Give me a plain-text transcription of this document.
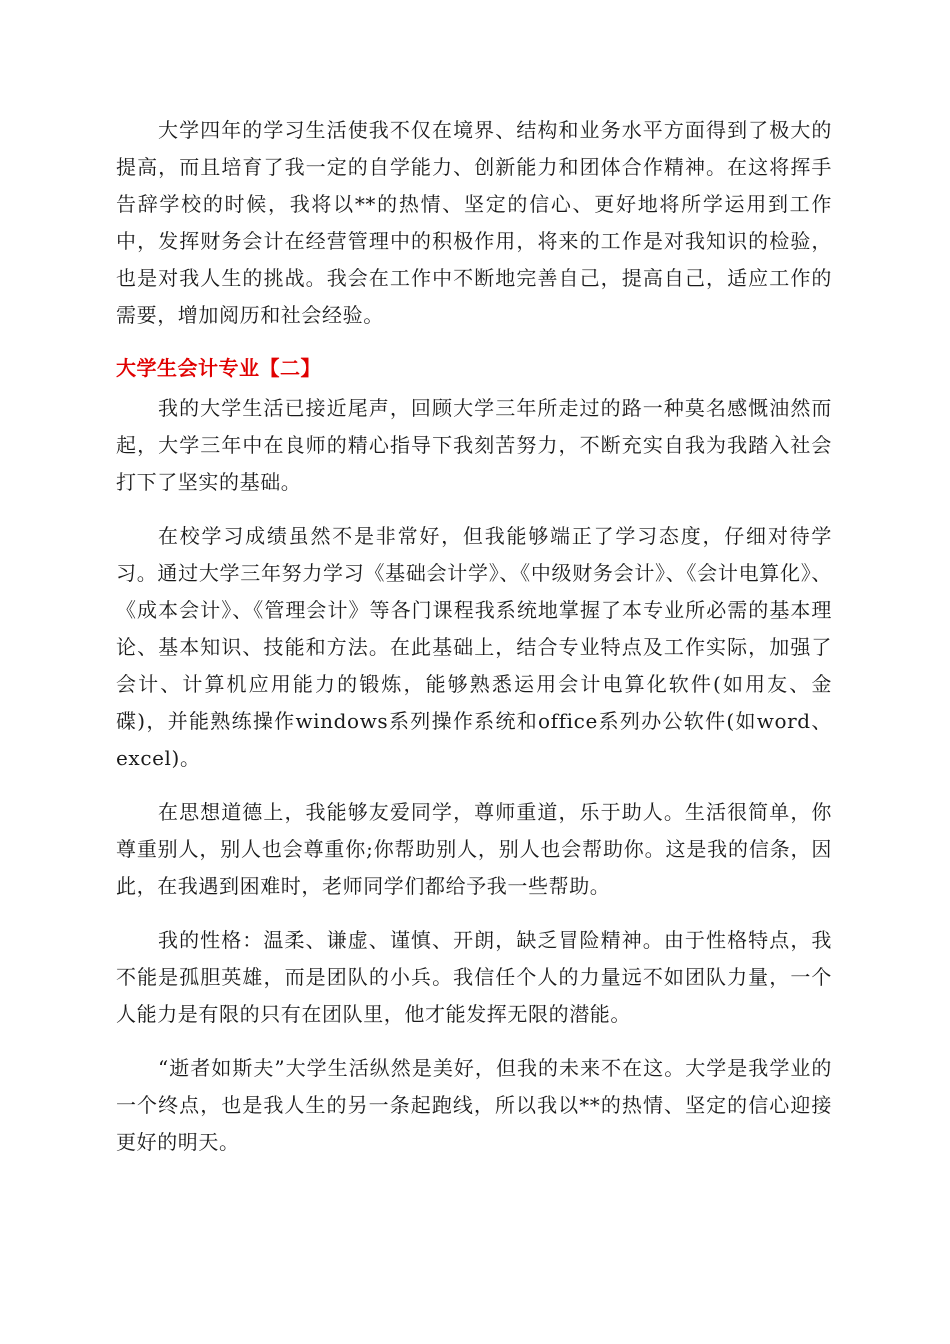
大学四年的学习生活使我不仅在境界、结构和业务水平方面得到了极大的提高，而且培育了我一定的自学能力、创新能力和团体合作精神。在这将挥手告辞学校的时候，我将以**的热情、坚定的信心、更好地将所学运用到工作中，发挥财务会计在经营管理中的积极作用，将来的工作是对我知识的检验，也是对我人生的挑战。我会在工作中不断地完善自己，提高自己，适应工作的需要，增加阅历和社会经验。

大学生会计专业【二】

我的大学生活已接近尾声，回顾大学三年所走过的路一种莫名感慨油然而起，大学三年中在良师的精心指导下我刻苦努力，不断充实自我为我踏入社会打下了坚实的基础。

在校学习成绩虽然不是非常好，但我能够端正了学习态度，仔细对待学习。通过大学三年努力学习《基础会计学》、《中级财务会计》、《会计电算化》、《成本会计》、《管理会计》等各门课程我系统地掌握了本专业所必需的基本理论、基本知识、技能和方法。在此基础上，结合专业特点及工作实际，加强了会计、计算机应用能力的锻炼，能够熟悉运用会计电算化软件(如用友、金碟)，并能熟练操作windows系列操作系统和office系列办公软件(如word、excel)。

在思想道德上，我能够友爱同学，尊师重道，乐于助人。生活很简单，你尊重别人，别人也会尊重你;你帮助别人，别人也会帮助你。这是我的信条，因此，在我遇到困难时，老师同学们都给予我一些帮助。

我的性格：温柔、谦虚、谨慎、开朗，缺乏冒险精神。由于性格特点，我不能是孤胆英雄，而是团队的小兵。我信任个人的力量远不如团队力量，一个人能力是有限的只有在团队里，他才能发挥无限的潜能。

“逝者如斯夫”大学生活纵然是美好，但我的未来不在这。大学是我学业的一个终点，也是我人生的另一条起跑线，所以我以**的热情、坚定的信心迎接更好的明天。
